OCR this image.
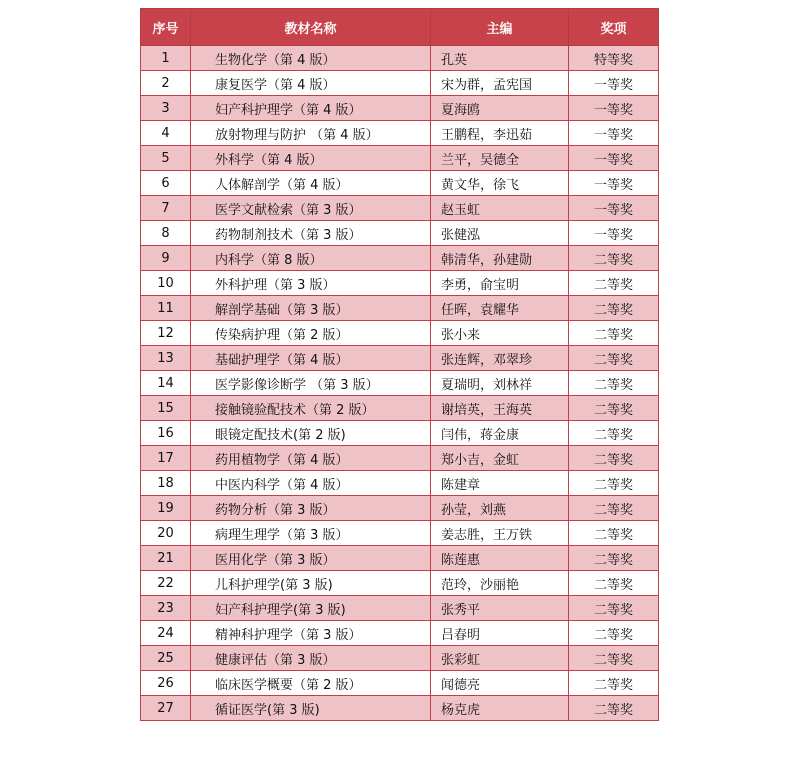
序号	教材名称	主编	奖项
1	生物化学（第 4 版）	孔英	特等奖
2	康复医学（第 4 版）	宋为群，孟宪国	一等奖
3	妇产科护理学（第 4 版）	夏海鸥	一等奖
4	放射物理与防护 （第 4 版）	王鹏程，李迅茹	一等奖
5	外科学（第 4 版）	兰平，吴德全	一等奖
6	人体解剖学（第 4 版）	黄文华，徐飞	一等奖
7	医学文献检索（第 3 版）	赵玉虹	一等奖
8	药物制剂技术（第 3 版）	张健泓	一等奖
9	内科学（第 8 版）	韩清华，孙建勋	二等奖
10	外科护理（第 3 版）	李勇，俞宝明	二等奖
11	解剖学基础（第 3 版）	任晖，袁耀华	二等奖
12	传染病护理（第 2 版）	张小来	二等奖
13	基础护理学（第 4 版）	张连辉，邓翠珍	二等奖
14	医学影像诊断学 （第 3 版）	夏瑞明，刘林祥	二等奖
15	接触镜验配技术（第 2 版）	谢培英，王海英	二等奖
16	眼镜定配技术(第 2 版)	闫伟，蒋金康	二等奖
17	药用植物学（第 4 版）	郑小吉，金虹	二等奖
18	中医内科学（第 4 版）	陈建章	二等奖
19	药物分析（第 3 版）	孙莹，刘燕	二等奖
20	病理生理学（第 3 版）	姜志胜，王万铁	二等奖
21	医用化学（第 3 版）	陈莲惠	二等奖
22	儿科护理学(第 3 版)	范玲，沙丽艳	二等奖
23	妇产科护理学(第 3 版)	张秀平	二等奖
24	精神科护理学（第 3 版）	吕春明	二等奖
25	健康评估（第 3 版）	张彩虹	二等奖
26	临床医学概要（第 2 版）	闻德亮	二等奖
27	循证医学(第 3 版)	杨克虎	二等奖
